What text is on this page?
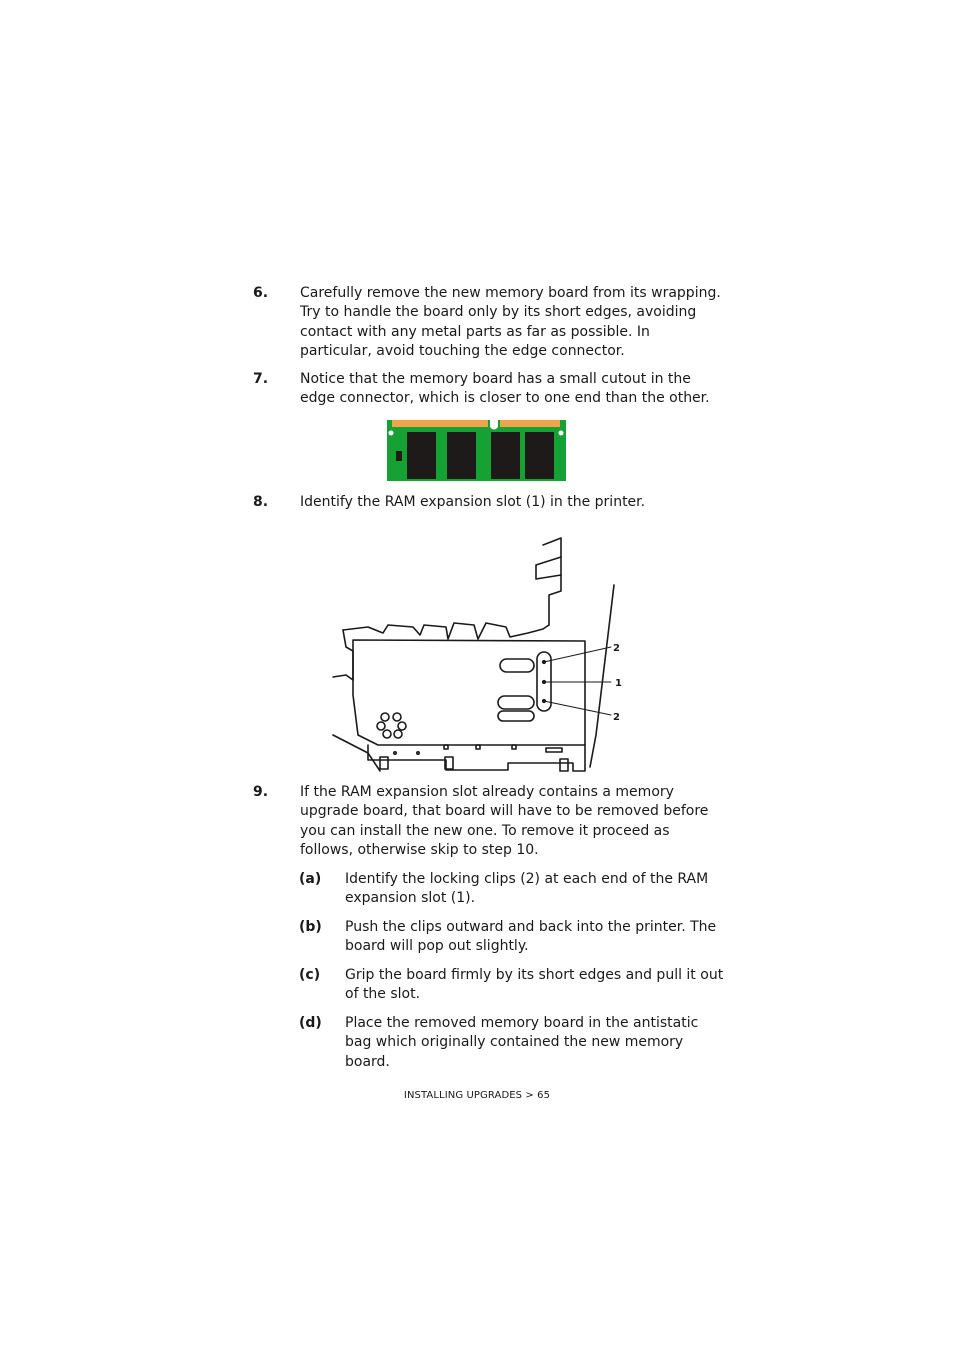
6. Carefully remove the new memory board from its wrapping. Try to handle the board only by its short edges, avoiding contact with any metal parts as far as possible. In particular, avoid touching the edge connector.
7. Notice that the memory board has a small cutout in the edge connector, which is closer to one end than the other.
8. Identify the RAM expansion slot (1) in the printer.
2
1
2
9. If the RAM expansion slot already contains a memory upgrade board, that board will have to be removed before you can install the new one. To remove it proceed as follows, otherwise skip to step 10.
(a) Identify the locking clips (2) at each end of the RAM expansion slot (1).
(b) Push the clips outward and back into the printer. The board will pop out slightly.
(c) Grip the board firmly by its short edges and pull it out of the slot.
(d) Place the removed memory board in the antistatic bag which originally contained the new memory board.
INSTALLING UPGRADES > 65
